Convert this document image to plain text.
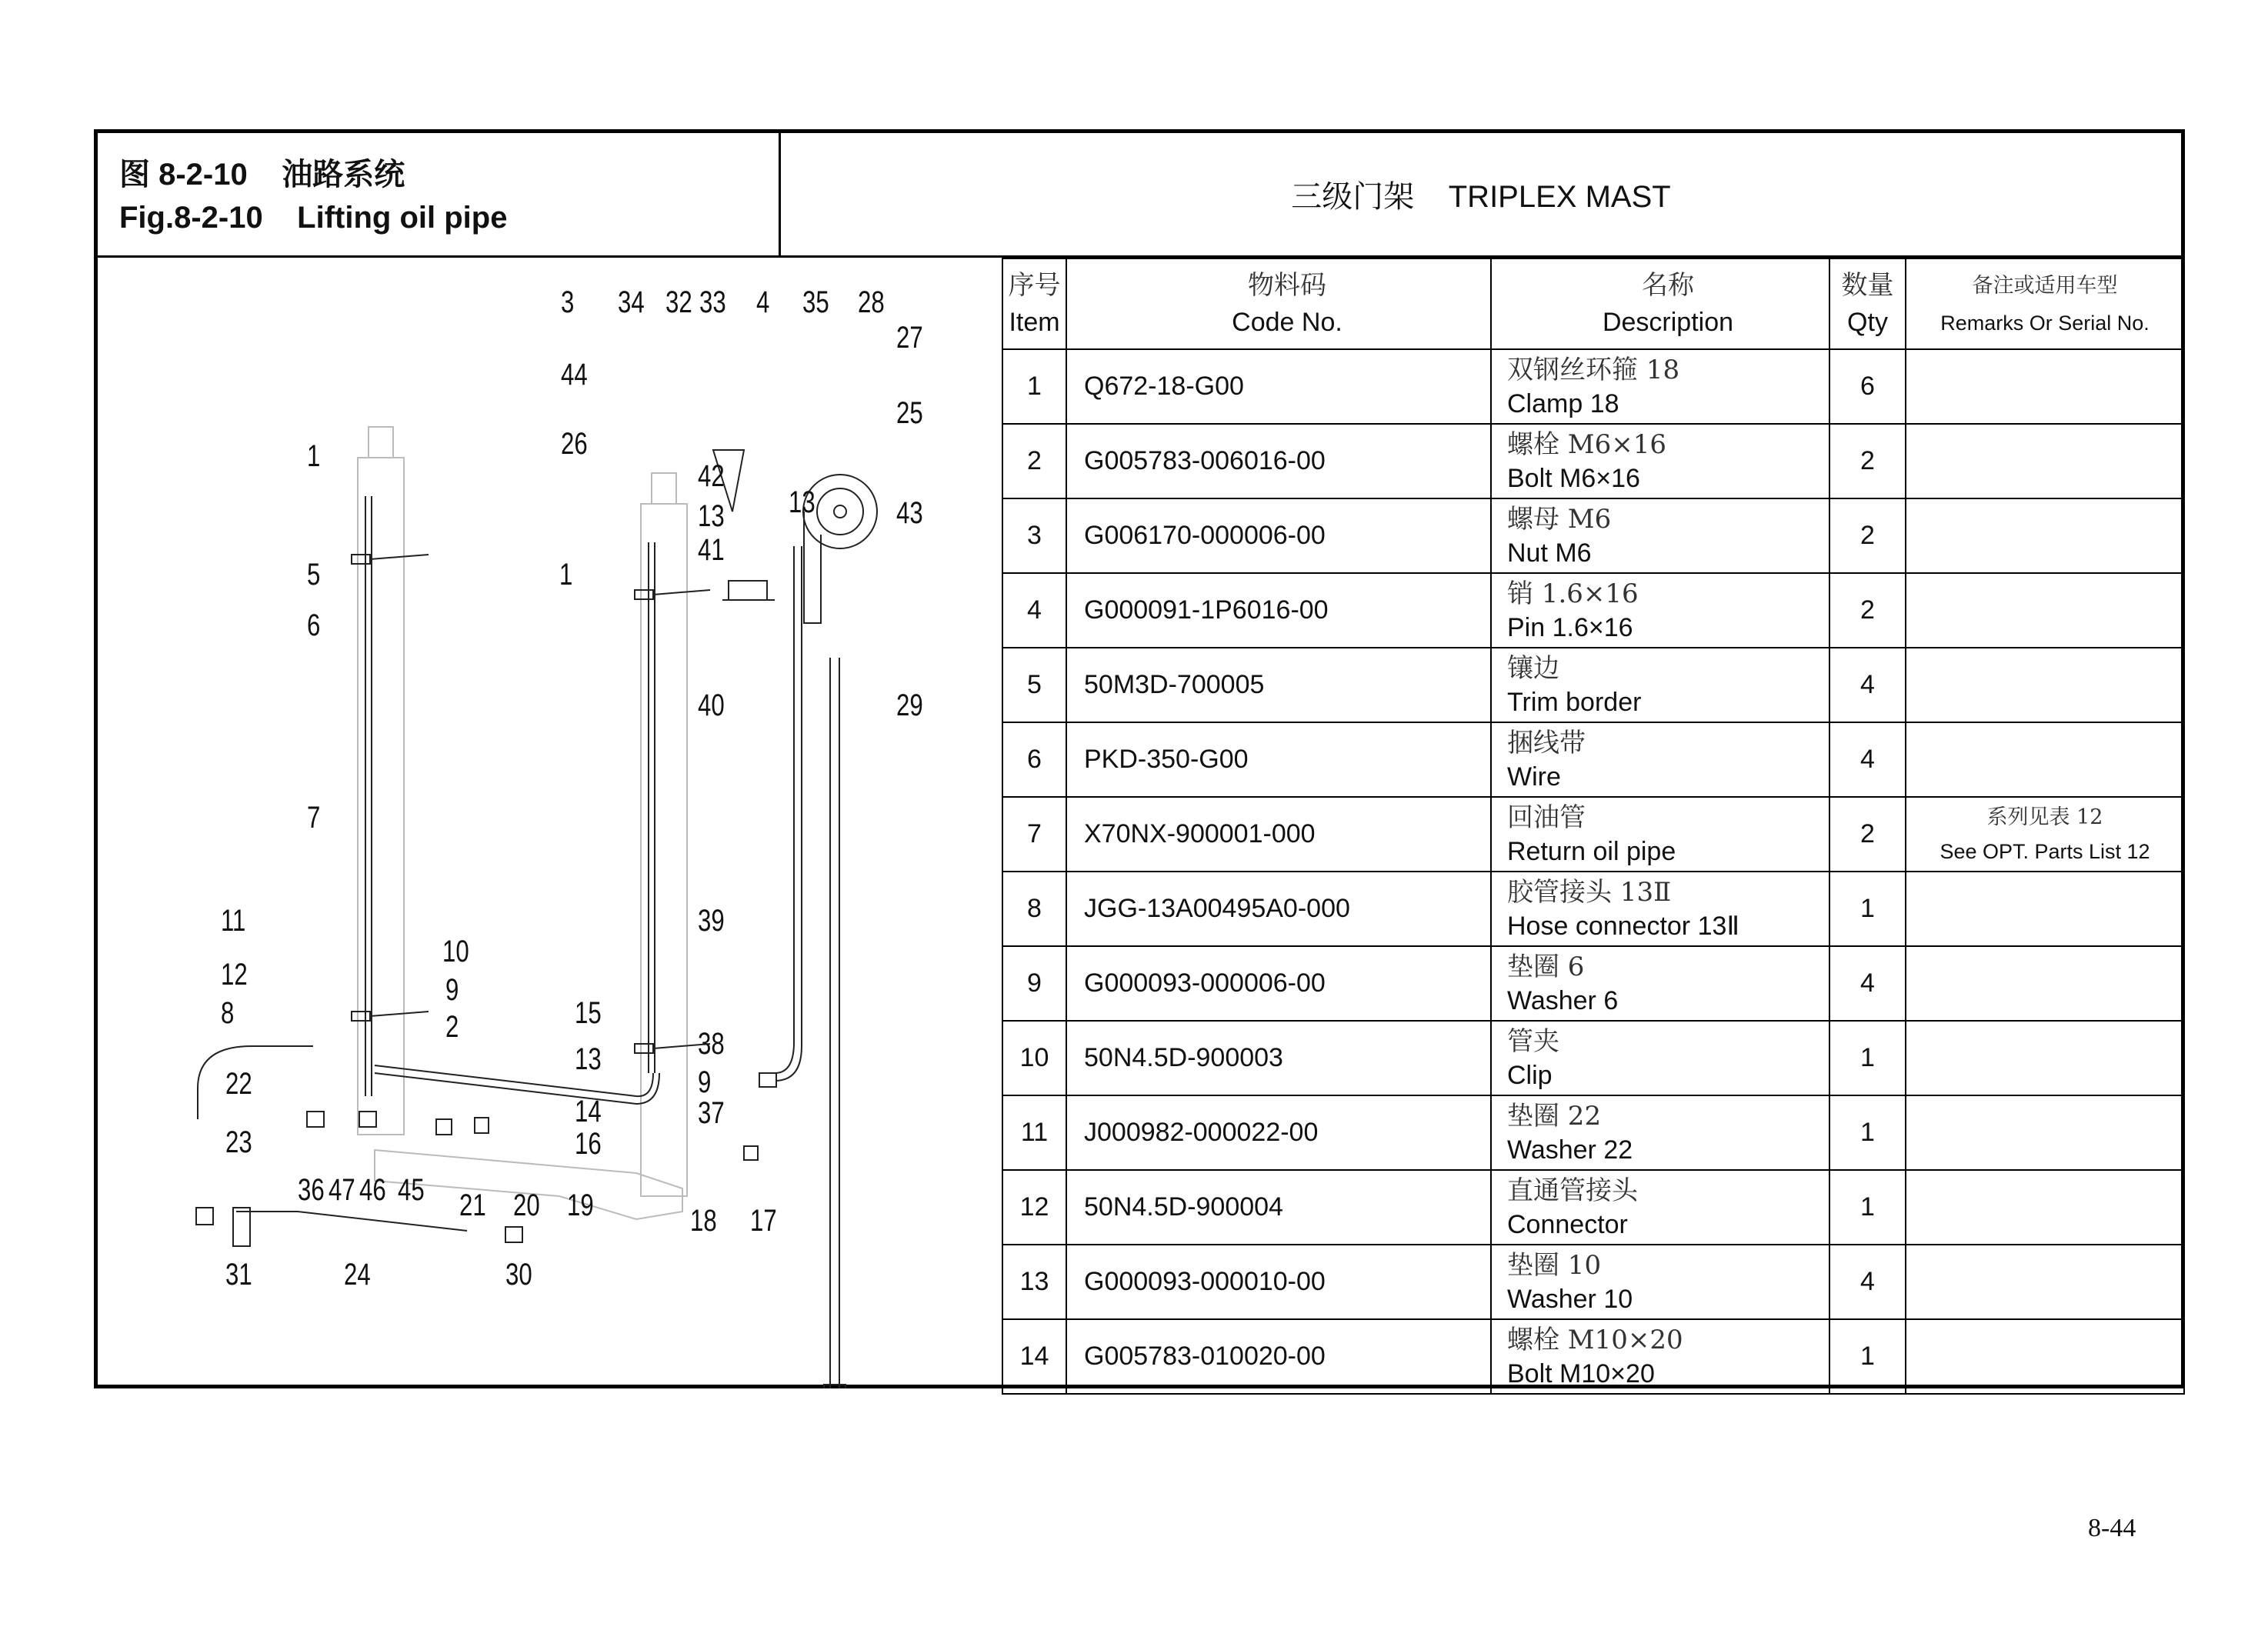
图 8-2-10    油路系统
Fig.8-2-10    Lifting oil pipe
三级门架    TRIPLEX MAST
3 34 32 33 4 35 28
27
44
25
26
1
42
13 13	43
41
5	1
6
40	29
7
39
11
10
12	9
8	15
2	38
13
22	9
14	37
23	16
36 47 46 45 21 20 19	18 17
31	24	30
序号
Item	物料码
Code No.	名称
Description	数量
Qty	备注或适用车型
Remarks Or Serial No.
1	Q672-18-G00	双钢丝环箍 18
Clamp 18	6	

2	G005783-006016-00	螺栓 M6×16
Bolt M6×16	2	

3	G006170-000006-00	螺母 M6
Nut M6	2	

4	G000091-1P6016-00	销 1.6×16
Pin 1.6×16	2	

5	50M3D-700005	镶边
Trim border	4	

6	PKD-350-G00	捆线带
Wire	4	

7	X70NX-900001-000	回油管
Return oil pipe	2	系列见表 12
See OPT. Parts List 12
8	JGG-13A00495A0-000	胶管接头 13Ⅱ
Hose connector 13Ⅱ	1	

9	G000093-000006-00	垫圈 6
Washer 6	4	

10	50N4.5D-900003	管夹
Clip	1	

11	J000982-000022-00	垫圈 22
Washer 22	1	

12	50N4.5D-900004	直通管接头
Connector	1	

13	G000093-000010-00	垫圈 10
Washer 10	4	

14	G005783-010020-00	螺栓 M10×20
Bolt M10×20	1	

8-44
